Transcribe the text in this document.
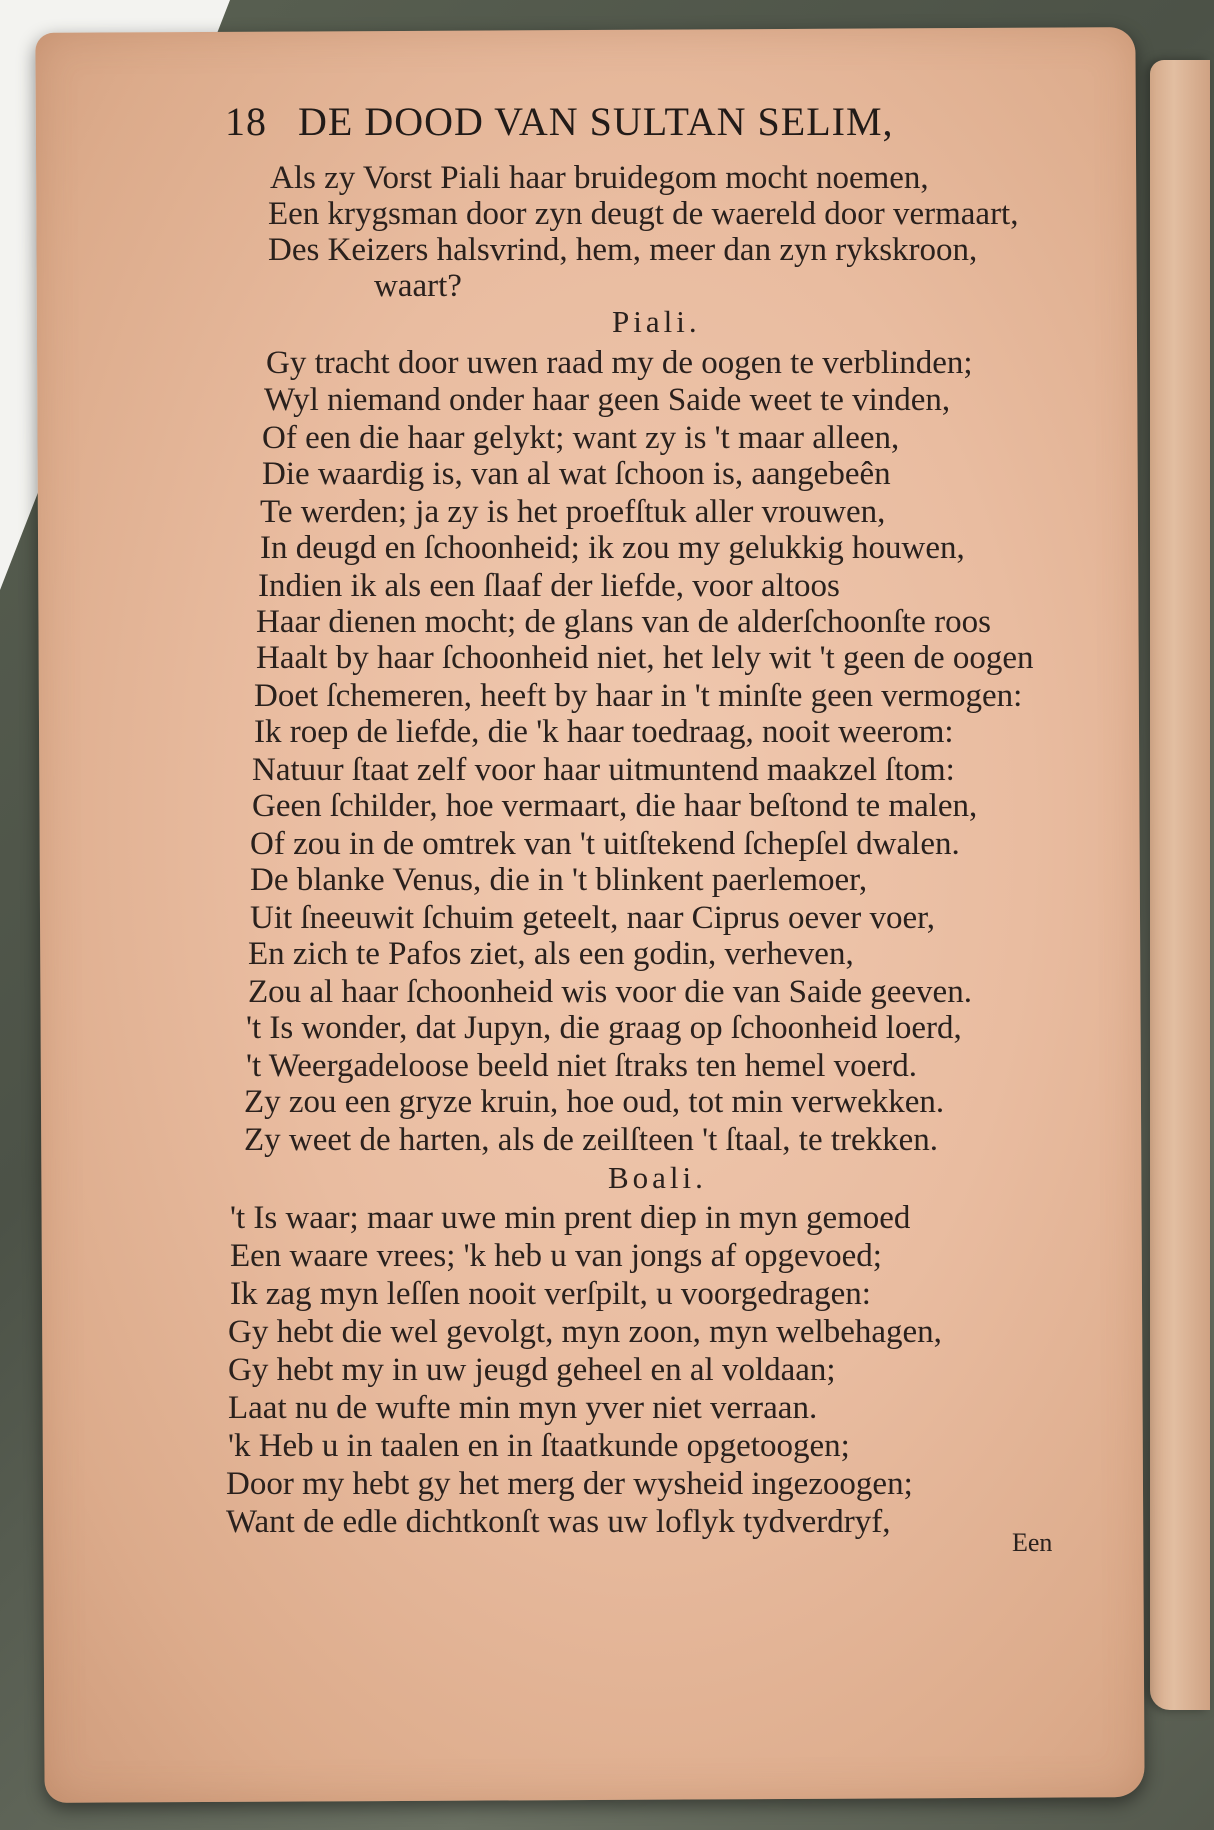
18 DE DOOD VAN SULTAN SELIM,
Als zy Vorst Piali haar bruidegom mocht noemen,
Een krygsman door zyn deugt de waereld door vermaart,
Des Keizers halsvrind, hem, meer dan zyn rykskroon,
waart?
Piali.
Gy tracht door uwen raad my de oogen te verblinden;
Wyl niemand onder haar geen Saide weet te vinden,
Of een die haar gelykt; want zy is 't maar alleen,
Die waardig is, van al wat ſchoon is, aangebeên
Te werden; ja zy is het proefſtuk aller vrouwen,
In deugd en ſchoonheid; ik zou my gelukkig houwen,
Indien ik als een ſlaaf der liefde, voor altoos
Haar dienen mocht; de glans van de alderſchoonſte roos
Haalt by haar ſchoonheid niet, het lely wit 't geen de oogen
Doet ſchemeren, heeft by haar in 't minſte geen vermogen:
Ik roep de liefde, die 'k haar toedraag, nooit weerom:
Natuur ſtaat zelf voor haar uitmuntend maakzel ſtom:
Geen ſchilder, hoe vermaart, die haar beſtond te malen,
Of zou in de omtrek van 't uitſtekend ſchepſel dwalen.
De blanke Venus, die in 't blinkent paerlemoer,
Uit ſneeuwit ſchuim geteelt, naar Ciprus oever voer,
En zich te Pafos ziet, als een godin, verheven,
Zou al haar ſchoonheid wis voor die van Saide geeven.
't Is wonder, dat Jupyn, die graag op ſchoonheid loerd,
't Weergadeloose beeld niet ſtraks ten hemel voerd.
Zy zou een gryze kruin, hoe oud, tot min verwekken.
Zy weet de harten, als de zeilſteen 't ſtaal, te trekken.
Boali.
't Is waar; maar uwe min prent diep in myn gemoed
Een waare vrees; 'k heb u van jongs af opgevoed;
Ik zag myn leſſen nooit verſpilt, u voorgedragen:
Gy hebt die wel gevolgt, myn zoon, myn welbehagen,
Gy hebt my in uw jeugd geheel en al voldaan;
Laat nu de wufte min myn yver niet verraan.
'k Heb u in taalen en in ſtaatkunde opgetoogen;
Door my hebt gy het merg der wysheid ingezoogen;
Want de edle dichtkonſt was uw loflyk tydverdryf,
Een
